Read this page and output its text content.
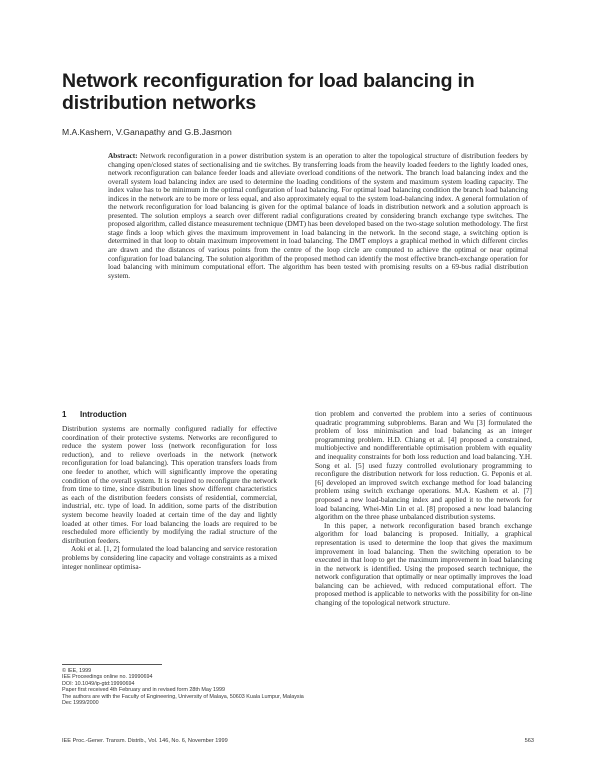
Network reconfiguration for load balancing in distribution networks
M.A.Kashem, V.Ganapathy and G.B.Jasmon
Abstract: Network reconfiguration in a power distribution system is an operation to alter the topological structure of distribution feeders by changing open/closed states of sectionalising and tie switches. By transferring loads from the heavily loaded feeders to the lightly loaded ones, network reconfiguration can balance feeder loads and alleviate overload conditions of the network. The branch load balancing index and the overall system load balancing index are used to determine the loading conditions of the system and maximum system loading capacity. The index value has to be minimum in the optimal configuration of load balancing. For optimal load balancing condition the branch load balancing indices in the network are to be more or less equal, and also approximately equal to the system load-balancing index. A general formulation of the network reconfiguration for load balancing is given for the optimal balance of loads in distribution network and a solution approach is presented. The solution employs a search over different radial configurations created by considering branch exchange type switches. The proposed algorithm, called distance measurement technique (DMT) has been developed based on the two-stage solution methodology. The first stage finds a loop which gives the maximum improvement in load balancing in the network. In the second stage, a switching option is determined in that loop to obtain maximum improvement in load balancing. The DMT employs a graphical method in which different circles are drawn and the distances of various points from the centre of the loop circle are computed to achieve the optimal or near optimal configuration for load balancing. The solution algorithm of the proposed method can identify the most effective branch-exchange operation for load balancing with minimum computational effort. The algorithm has been tested with promising results on a 69-bus radial distribution system.
1 Introduction

Distribution systems are normally configured radially for effective coordination of their protective systems. Networks are reconfigured to reduce the system power loss (network reconfiguration for loss reduction), and to relieve overloads in the network (network reconfiguration for load balancing). This operation transfers loads from one feeder to another, which will significantly improve the operating condition of the overall system. It is required to reconfigure the network from time to time, since distribution lines show different characteristics as each of the distribution feeders consists of residential, commercial, industrial, etc. type of load. In addition, some parts of the distribution system become heavily loaded at certain time of the day and lightly loaded at other times. For load balancing the loads are required to be rescheduled more efficiently by modifying the radial structure of the distribution feeders.

Aoki et al. [1, 2] formulated the load balancing and service restoration problems by considering line capacity and voltage constraints as a mixed integer nonlinear optimisa-

tion problem and converted the problem into a series of continuous quadratic programming subproblems. Baran and Wu [3] formulated the problem of loss minimisation and load balancing as an integer programming problem. H.D. Chiang et al. [4] proposed a constrained, multiobjective and nondifferentiable optimisation problem with equality and inequality constraints for both loss reduction and load balancing. Y.H. Song et al. [5] used fuzzy controlled evolutionary programming to reconfigure the distribution network for loss reduction. G. Peponis et al. [6] developed an improved switch exchange method for load balancing problem using switch exchange operations. M.A. Kashem et al. [7] proposed a new load-balancing index and applied it to the network for load balancing. Whei-Min Lin et al. [8] proposed a new load balancing algorithm on the three phase unbalanced distribution systems.

In this paper, a network reconfiguration based branch exchange algorithm for load balancing is proposed. Initially, a graphical representation is used to determine the loop that gives the maximum improvement in load balancing. Then the switching operation to be executed in that loop to get the maximum improvement in load balancing in the network is identified. Using the proposed search technique, the network configuration that optimally or near optimally improves the load balancing can be achieved, with reduced computational effort. The proposed method is applicable to networks with the possibility for on-line changing of the topological network structure.

© IEE, 1999
IEE Proceedings online no. 19990694
DOI: 10.1049/ip-gtd:19990694
Paper first received 4th February and in revised form 28th May 1999
The authors are with the Faculty of Engineering, University of Malaya, 50603 Kuala Lumpur, Malaysia
Dec 1999/2000
IEE Proc.-Gener. Transm. Distrib., Vol. 146, No. 6, November 1999	563
